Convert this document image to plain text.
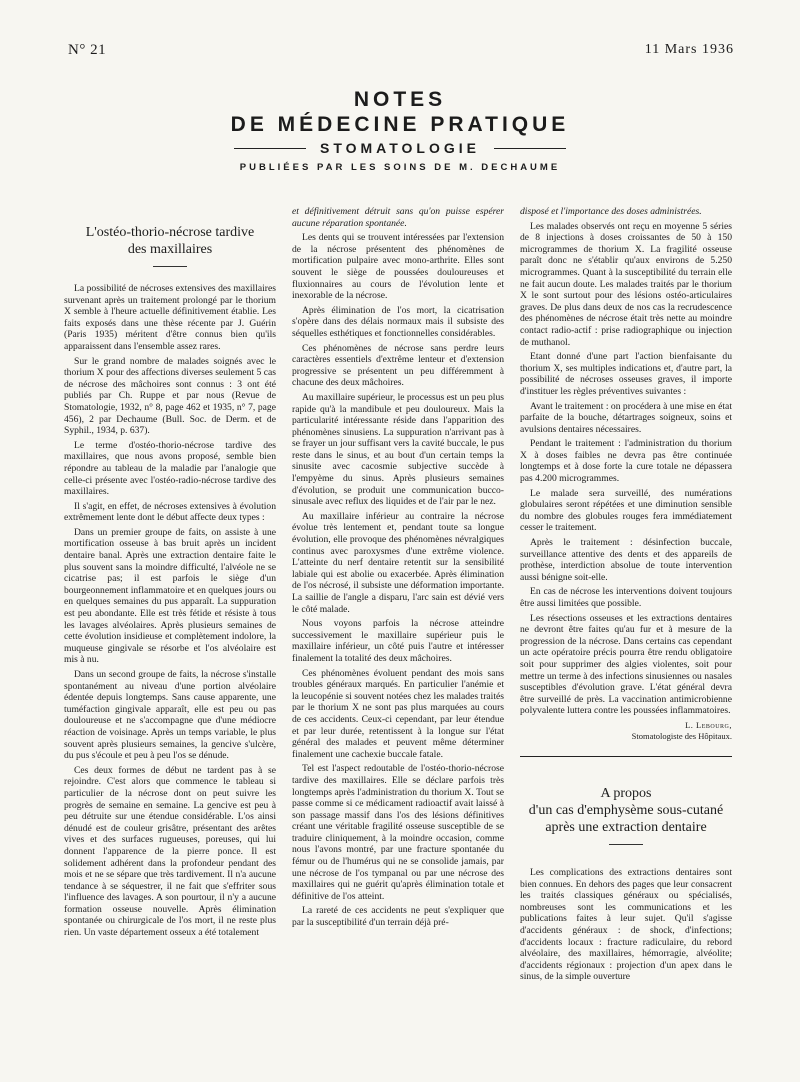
N° 21	11 Mars 1936
NOTES
DE MÉDECINE PRATIQUE
STOMATOLOGIE
PUBLIÉES PAR LES SOINS DE M. DECHAUME
L'ostéo-thorio-nécrose tardive
des maxillaires

La possibilité de nécroses extensives des maxillaires survenant après un traitement prolongé par le thorium X semble à l'heure actuelle définitivement établie. Les faits exposés dans une thèse récente par J. Guérin (Paris 1935) méritent d'être connus bien qu'ils apparaissent dans l'ensemble assez rares.

Sur le grand nombre de malades soignés avec le thorium X pour des affections diverses seulement 5 cas de nécrose des mâchoires sont connus : 3 ont été publiés par Ch. Ruppe et par nous (Revue de Stomatologie, 1932, n° 8, page 462 et 1935, n° 7, page 456), 2 par Dechaume (Bull. Soc. de Derm. et de Syphil., 1934, p. 637).

Le terme d'ostéo-thorio-nécrose tardive des maxillaires, que nous avons proposé, semble bien répondre au tableau de la maladie par l'analogie que celle-ci présente avec l'ostéo-radio-nécrose tardive des maxillaires.

Il s'agit, en effet, de nécroses extensives à évolution extrêmement lente dont le début affecte deux types :

Dans un premier groupe de faits, on assiste à une mortification osseuse à bas bruit après un incident dentaire banal. Après une extraction dentaire faite le plus souvent sans la moindre difficulté, l'alvéole ne se cicatrise pas; il est parfois le siège d'un bourgeonnement inflammatoire et en quelques jours ou en quelques semaines du pus apparaît. La suppuration est peu abondante. Elle est très fétide et résiste à tous les lavages alvéolaires. Après plusieurs semaines de cette évolution insidieuse et complètement indolore, la muqueuse gingivale se résorbe et l'os alvéolaire est mis à nu.

Dans un second groupe de faits, la nécrose s'installe spontanément au niveau d'une portion alvéolaire édentée depuis longtemps. Sans cause apparente, une tuméfaction gingivale apparaît, elle est peu ou pas douloureuse et ne s'accompagne que d'une médiocre réaction de voisinage. Après un temps variable, le plus souvent après plusieurs semaines, la gencive s'ulcère, du pus s'écoule et peu à peu l'os se dénude.

Ces deux formes de début ne tardent pas à se rejoindre. C'est alors que commence le tableau si particulier de la nécrose dont on peut suivre les progrès de semaine en semaine. La gencive est peu à peu détruite sur une étendue considérable. L'os ainsi dénudé est de couleur grisâtre, présentant des arêtes vives et des surfaces rugueuses, poreuses, qui lui donnent l'apparence de la pierre ponce. Il est solidement adhérent dans la profondeur pendant des mois et ne se sépare que très tardivement. Il n'a aucune tendance à se séquestrer, il ne fait que s'effriter sous l'influence des lavages. A son pourtour, il n'y a aucune formation osseuse nouvelle. Après élimination spontanée ou chirurgicale de l'os mort, il ne reste plus rien. Un vaste département osseux a été totalement

et définitivement détruit sans qu'on puisse espérer aucune réparation spontanée.

Les dents qui se trouvent intéressées par l'extension de la nécrose présentent des phénomènes de mortification pulpaire avec mono-arthrite. Elles sont souvent le siège de poussées douloureuses et fluxionnaires au cours de l'évolution lente et inexorable de la nécrose.

Après élimination de l'os mort, la cicatrisation s'opère dans des délais normaux mais il subsiste des séquelles esthétiques et fonctionnelles considérables.

Ces phénomènes de nécrose sans perdre leurs caractères essentiels d'extrême lenteur et d'extension progressive se présentent un peu différemment à chacune des deux mâchoires.

Au maxillaire supérieur, le processus est un peu plus rapide qu'à la mandibule et peu douloureux. Mais la particularité intéressante réside dans l'apparition des phénomènes sinusiens. La suppuration n'arrivant pas à se frayer un jour suffisant vers la cavité buccale, le pus reste dans le sinus, et au bout d'un certain temps la sinusite avec cacosmie subjective succède à l'empyème du sinus. Après plusieurs semaines d'évolution, se produit une communication bucco-sinusale avec reflux des liquides et de l'air par le nez.

Au maxillaire inférieur au contraire la nécrose évolue très lentement et, pendant toute sa longue évolution, elle provoque des phénomènes névralgiques continus avec paroxysmes d'une extrême violence. L'atteinte du nerf dentaire retentit sur la sensibilité labiale qui est abolie ou exacerbée. Après élimination de l'os nécrosé, il subsiste une déformation importante. La saillie de l'angle a disparu, l'arc sain est dévié vers le côté malade.

Nous voyons parfois la nécrose atteindre successivement le maxillaire supérieur puis le maxillaire inférieur, un côté puis l'autre et intéresser finalement la totalité des deux mâchoires.

Ces phénomènes évoluent pendant des mois sans troubles généraux marqués. En particulier l'anémie et la leucopénie si souvent notées chez les malades traités par le thorium X ne sont pas plus marquées au cours de ces accidents. Ceux-ci cependant, par leur étendue et par leur durée, retentissent à la longue sur l'état général des malades et peuvent même déterminer finalement une cachexie buccale fatale.

Tel est l'aspect redoutable de l'ostéo-thorio-nécrose tardive des maxillaires. Elle se déclare parfois très longtemps après l'administration du thorium X. Tout se passe comme si ce médicament radioactif avait laissé à son passage massif dans l'os des lésions définitives créant une véritable fragilité osseuse susceptible de se traduire cliniquement, à la moindre occasion, comme nous l'avons montré, par une fracture spontanée du fémur ou de l'humérus qui ne se consolide jamais, par une nécrose de l'os tympanal ou par une nécrose des maxillaires qui ne guérit qu'après élimination totale et définitive de l'os atteint.

La rareté de ces accidents ne peut s'expliquer que par la susceptibilité d'un terrain déjà pré-

disposé et l'importance des doses administrées.

Les malades observés ont reçu en moyenne 5 séries de 8 injections à doses croissantes de 50 à 150 microgrammes de thorium X. La fragilité osseuse paraît donc ne s'établir qu'aux environs de 5.250 microgrammes. Quant à la susceptibilité du terrain elle ne fait aucun doute. Les malades traités par le thorium X le sont surtout pour des lésions ostéo-articulaires graves. De plus dans deux de nos cas la recrudescence des phénomènes de nécrose était très nette au moindre contact radio-actif : prise radiographique ou injection de muthanol.

Etant donné d'une part l'action bienfaisante du thorium X, ses multiples indications et, d'autre part, la possibilité de nécroses osseuses graves, il importe d'instituer les règles préventives suivantes :

Avant le traitement : on procédera à une mise en état parfaite de la bouche, détartrages soigneux, soins et avulsions dentaires nécessaires.

Pendant le traitement : l'administration du thorium X à doses faibles ne devra pas être continuée longtemps et à dose forte la cure totale ne dépassera pas 4.200 microgrammes.

Le malade sera surveillé, des numérations globulaires seront répétées et une diminution sensible du nombre des globules rouges fera immédiatement cesser le traitement.

Après le traitement : désinfection buccale, surveillance attentive des dents et des appareils de prothèse, interdiction absolue de toute intervention aussi bénigne soit-elle.

En cas de nécrose les interventions doivent toujours être aussi limitées que possible.

Les résections osseuses et les extractions dentaires ne devront être faites qu'au fur et à mesure de la progression de la nécrose. Dans certains cas cependant un acte opératoire précis pourra être rendu obligatoire soit pour supprimer des algies violentes, soit pour mettre un terme à des infections sinusiennes ou nasales susceptibles d'évolution grave. L'état général devra être surveillé de près. La vaccination antimicrobienne polyvalente luttera contre les poussées inflammatoires.

L. Lebourg,
Stomatologiste des Hôpitaux.
A propos
d'un cas d'emphysème sous-cutané
après une extraction dentaire

Les complications des extractions dentaires sont bien connues. En dehors des pages que leur consacrent les traités classiques généraux ou spécialisés, nombreuses sont les communications et les publications faites à leur sujet. Qu'il s'agisse d'accidents généraux : de shock, d'infections; d'accidents locaux : fracture radiculaire, du rebord alvéolaire, des maxillaires, hémorragie, alvéolite; d'accidents régionaux : projection d'un apex dans le sinus, de la simple ouverture
